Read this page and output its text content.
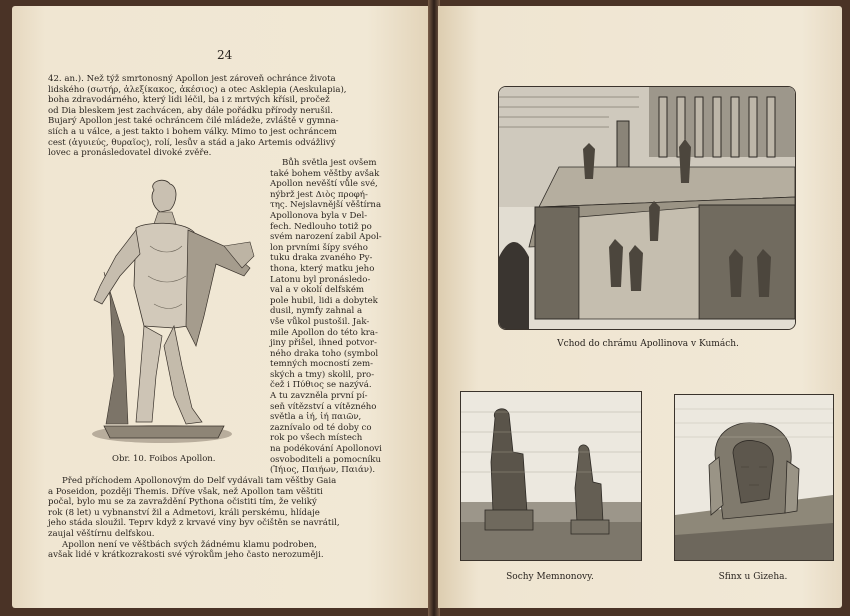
24

42. an.). Než týž smrtonosný Apollon jest zároveň ochránce života

lidského (σωτήρ, ἀλεξίκακος, ἀκέσιος) a otec Asklepia (Aeskulapia),

boha zdravodárného, který lidi léčil, ba i z mrtvých křísil, pročež

od Dia bleskem jest zachvácen, aby dále pořádku přírody nerušil.

Bujarý Apollon jest také ochráncem čilé mládeže, zvláště v gymna-

siích a u válce, a jest takto i bohem války. Mimo to jest ochráncem

cest (ἀγυιεύς, θυραῖος), rolí, lesův a stád a jako Artemis odvážlivý

lovec a pronásledovatel divoké zvěře.

Bůh světla jest ovšem

také bohem věštby avšak

Apollon nevěští vůle své,

nýbrž jest Διὸς προφή-

της. Nejslavnější věštírna

Apollonova byla v Del-

fech. Nedlouho totiž po

svém narození zabil Apol-

lon prvními šípy svého

tuku draka zvaného Py-

thona, který matku jeho

Latonu byl pronásledo-

val a v okolí delfském

pole hubil, lidi a dobytek

dusil, nymfy zahnal a

vše vůkol pustošil. Jak-

mile Apollon do této kra-

jiny přišel, ihned potvor-

ného draka toho (symbol

temných mocností zem-

ských a tmy) skolil, pro-

čež i Πύθιος se nazývá.

A tu zavzněla první pí-

seň vítězství a vítězného

světla a ἰή, ἰή παιῶν,

zaznívalo od té doby co

rok po všech místech

na podékování Apollonovi

osvoboditeli a pomocníku

(Ἰήιος, Παιήων, Παιάν).

Obr. 10. Foibos Apollon.

Před příchodem Apollonovým do Delf vydávali tam věštby Gaia

a Poseidon, později Themis. Dříve však, než Apollon tam věštiti

počal, bylo mu se za zavraždění Pythona očistiti tím, že veliký

rok (8 let) u vybnanství žil a Admetovi, králi perskému, hlídaje

jeho stáda sloužil. Teprv když z krvavé viny byv očištěn se navrátil,

zaujal věštírnu delfskou.

Apollon není ve věštbách svých žádnému klamu podroben,

avšak lidé v krátkozrakosti své výrokům jeho často nerozuměji.

Vchod do chrámu Apollinova v Kumách.
Sochy Memnonovy.	Sfinx u Gizeha.
